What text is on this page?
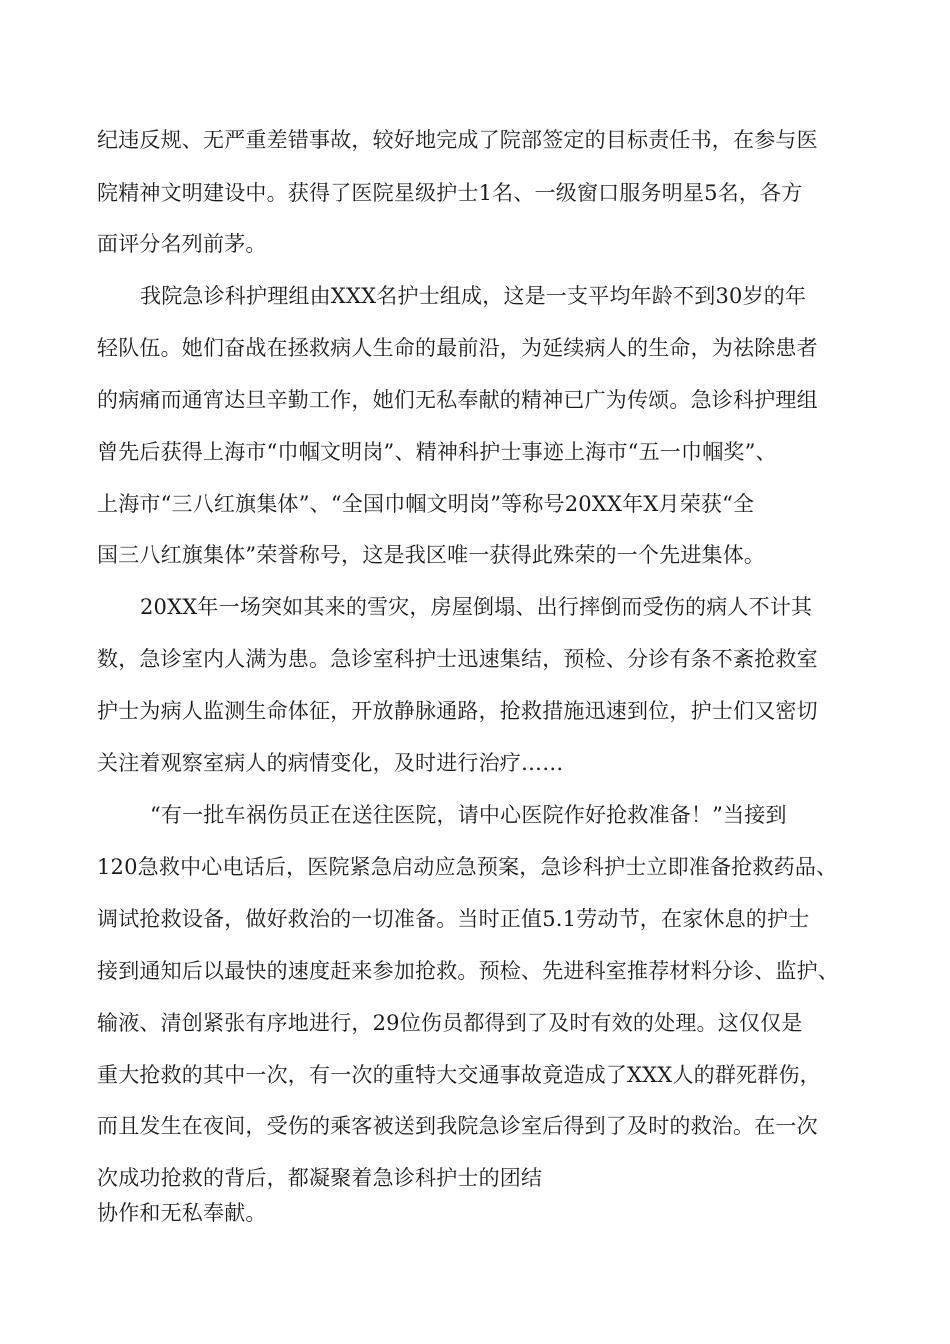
纪违反规、无严重差错事故，较好地完成了院部签定的目标责任书，在参与医
院精神文明建设中。获得了医院星级护士1名、一级窗口服务明星5名，各方
面评分名列前茅。
我院急诊科护理组由XXX名护士组成，这是一支平均年龄不到30岁的年
轻队伍。她们奋战在拯救病人生命的最前沿，为延续病人的生命，为祛除患者
的病痛而通宵达旦辛勤工作，她们无私奉献的精神已广为传颂。急诊科护理组
曾先后获得上海市“巾帼文明岗”、精神科护士事迹上海市“五一巾帼奖”、
上海市“三八红旗集体”、“全国巾帼文明岗”等称号20XX年X月荣获“全
国三八红旗集体”荣誉称号，这是我区唯一获得此殊荣的一个先进集体。
20XX年一场突如其来的雪灾，房屋倒塌、出行摔倒而受伤的病人不计其
数，急诊室内人满为患。急诊室科护士迅速集结，预检、分诊有条不紊抢救室
护士为病人监测生命体征，开放静脉通路，抢救措施迅速到位，护士们又密切
关注着观察室病人的病情变化，及时进行治疗……
“有一批车祸伤员正在送往医院，请中心医院作好抢救准备！”当接到
120急救中心电话后，医院紧急启动应急预案，急诊科护士立即准备抢救药品、
调试抢救设备，做好救治的一切准备。当时正值5.1劳动节，在家休息的护士
接到通知后以最快的速度赶来参加抢救。预检、先进科室推荐材料分诊、监护、
输液、清创紧张有序地进行，29位伤员都得到了及时有效的处理。这仅仅是
重大抢救的其中一次，有一次的重特大交通事故竟造成了XXX人的群死群伤，
而且发生在夜间，受伤的乘客被送到我院急诊室后得到了及时的救治。在一次
次成功抢救的背后，都凝聚着急诊科护士的团结
协作和无私奉献。
